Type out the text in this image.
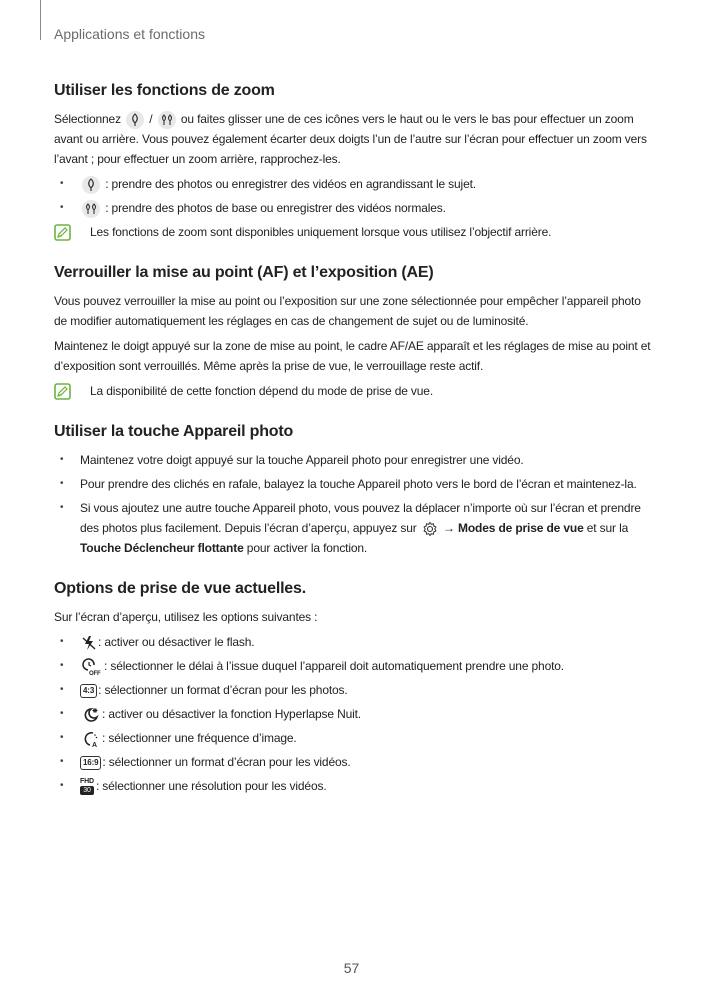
Applications et fonctions
Utiliser les fonctions de zoom

Sélectionnez / ou faites glisser une de ces icônes vers le haut ou le vers le bas pour effectuer un zoom avant ou arrière. Vous pouvez également écarter deux doigts l’un de l’autre sur l’écran pour effectuer un zoom vers l’avant ; pour effectuer un zoom arrière, rapprochez-les.

•	: prendre des photos ou enregistrer des vidéos en agrandissant le sujet.
•	: prendre des photos de base ou enregistrer des vidéos normales.
Les fonctions de zoom sont disponibles uniquement lorsque vous utilisez l’objectif arrière.
Verrouiller la mise au point (AF) et l’exposition (AE)

Vous pouvez verrouiller la mise au point ou l’exposition sur une zone sélectionnée pour empêcher l’appareil photo de modifier automatiquement les réglages en cas de changement de sujet ou de luminosité.

Maintenez le doigt appuyé sur la zone de mise au point, le cadre AF/AE apparaît et les réglages de mise au point et d’exposition sont verrouillés. Même après la prise de vue, le verrouillage reste actif.

La disponibilité de cette fonction dépend du mode de prise de vue.
Utiliser la touche Appareil photo
• Maintenez votre doigt appuyé sur la touche Appareil photo pour enregistrer une vidéo.
• Pour prendre des clichés en rafale, balayez la touche Appareil photo vers le bord de l’écran et maintenez-la.
• Si vous ajoutez une autre touche Appareil photo, vous pouvez la déplacer n’importe où sur l’écran et prendre des photos plus facilement. Depuis l’écran d’aperçu, appuyez sur → Modes de prise de vue et sur la Touche Déclencheur flottante pour activer la fonction.
Options de prise de vue actuelles.

Sur l’écran d’aperçu, utilisez les options suivantes :

•	: activer ou désactiver le flash.
•
OFF
: sélectionner le délai à l’issue duquel l’appareil doit automatiquement prendre une photo.
• 4:3 : sélectionner un format d’écran pour les photos.
•	: activer ou désactiver la fonction Hyperlapse Nuit.
•
A
: sélectionner une fréquence d’image.
• 16:9 : sélectionner un format d’écran pour les vidéos.
• FHD
30 : sélectionner une résolution pour les vidéos.
57
